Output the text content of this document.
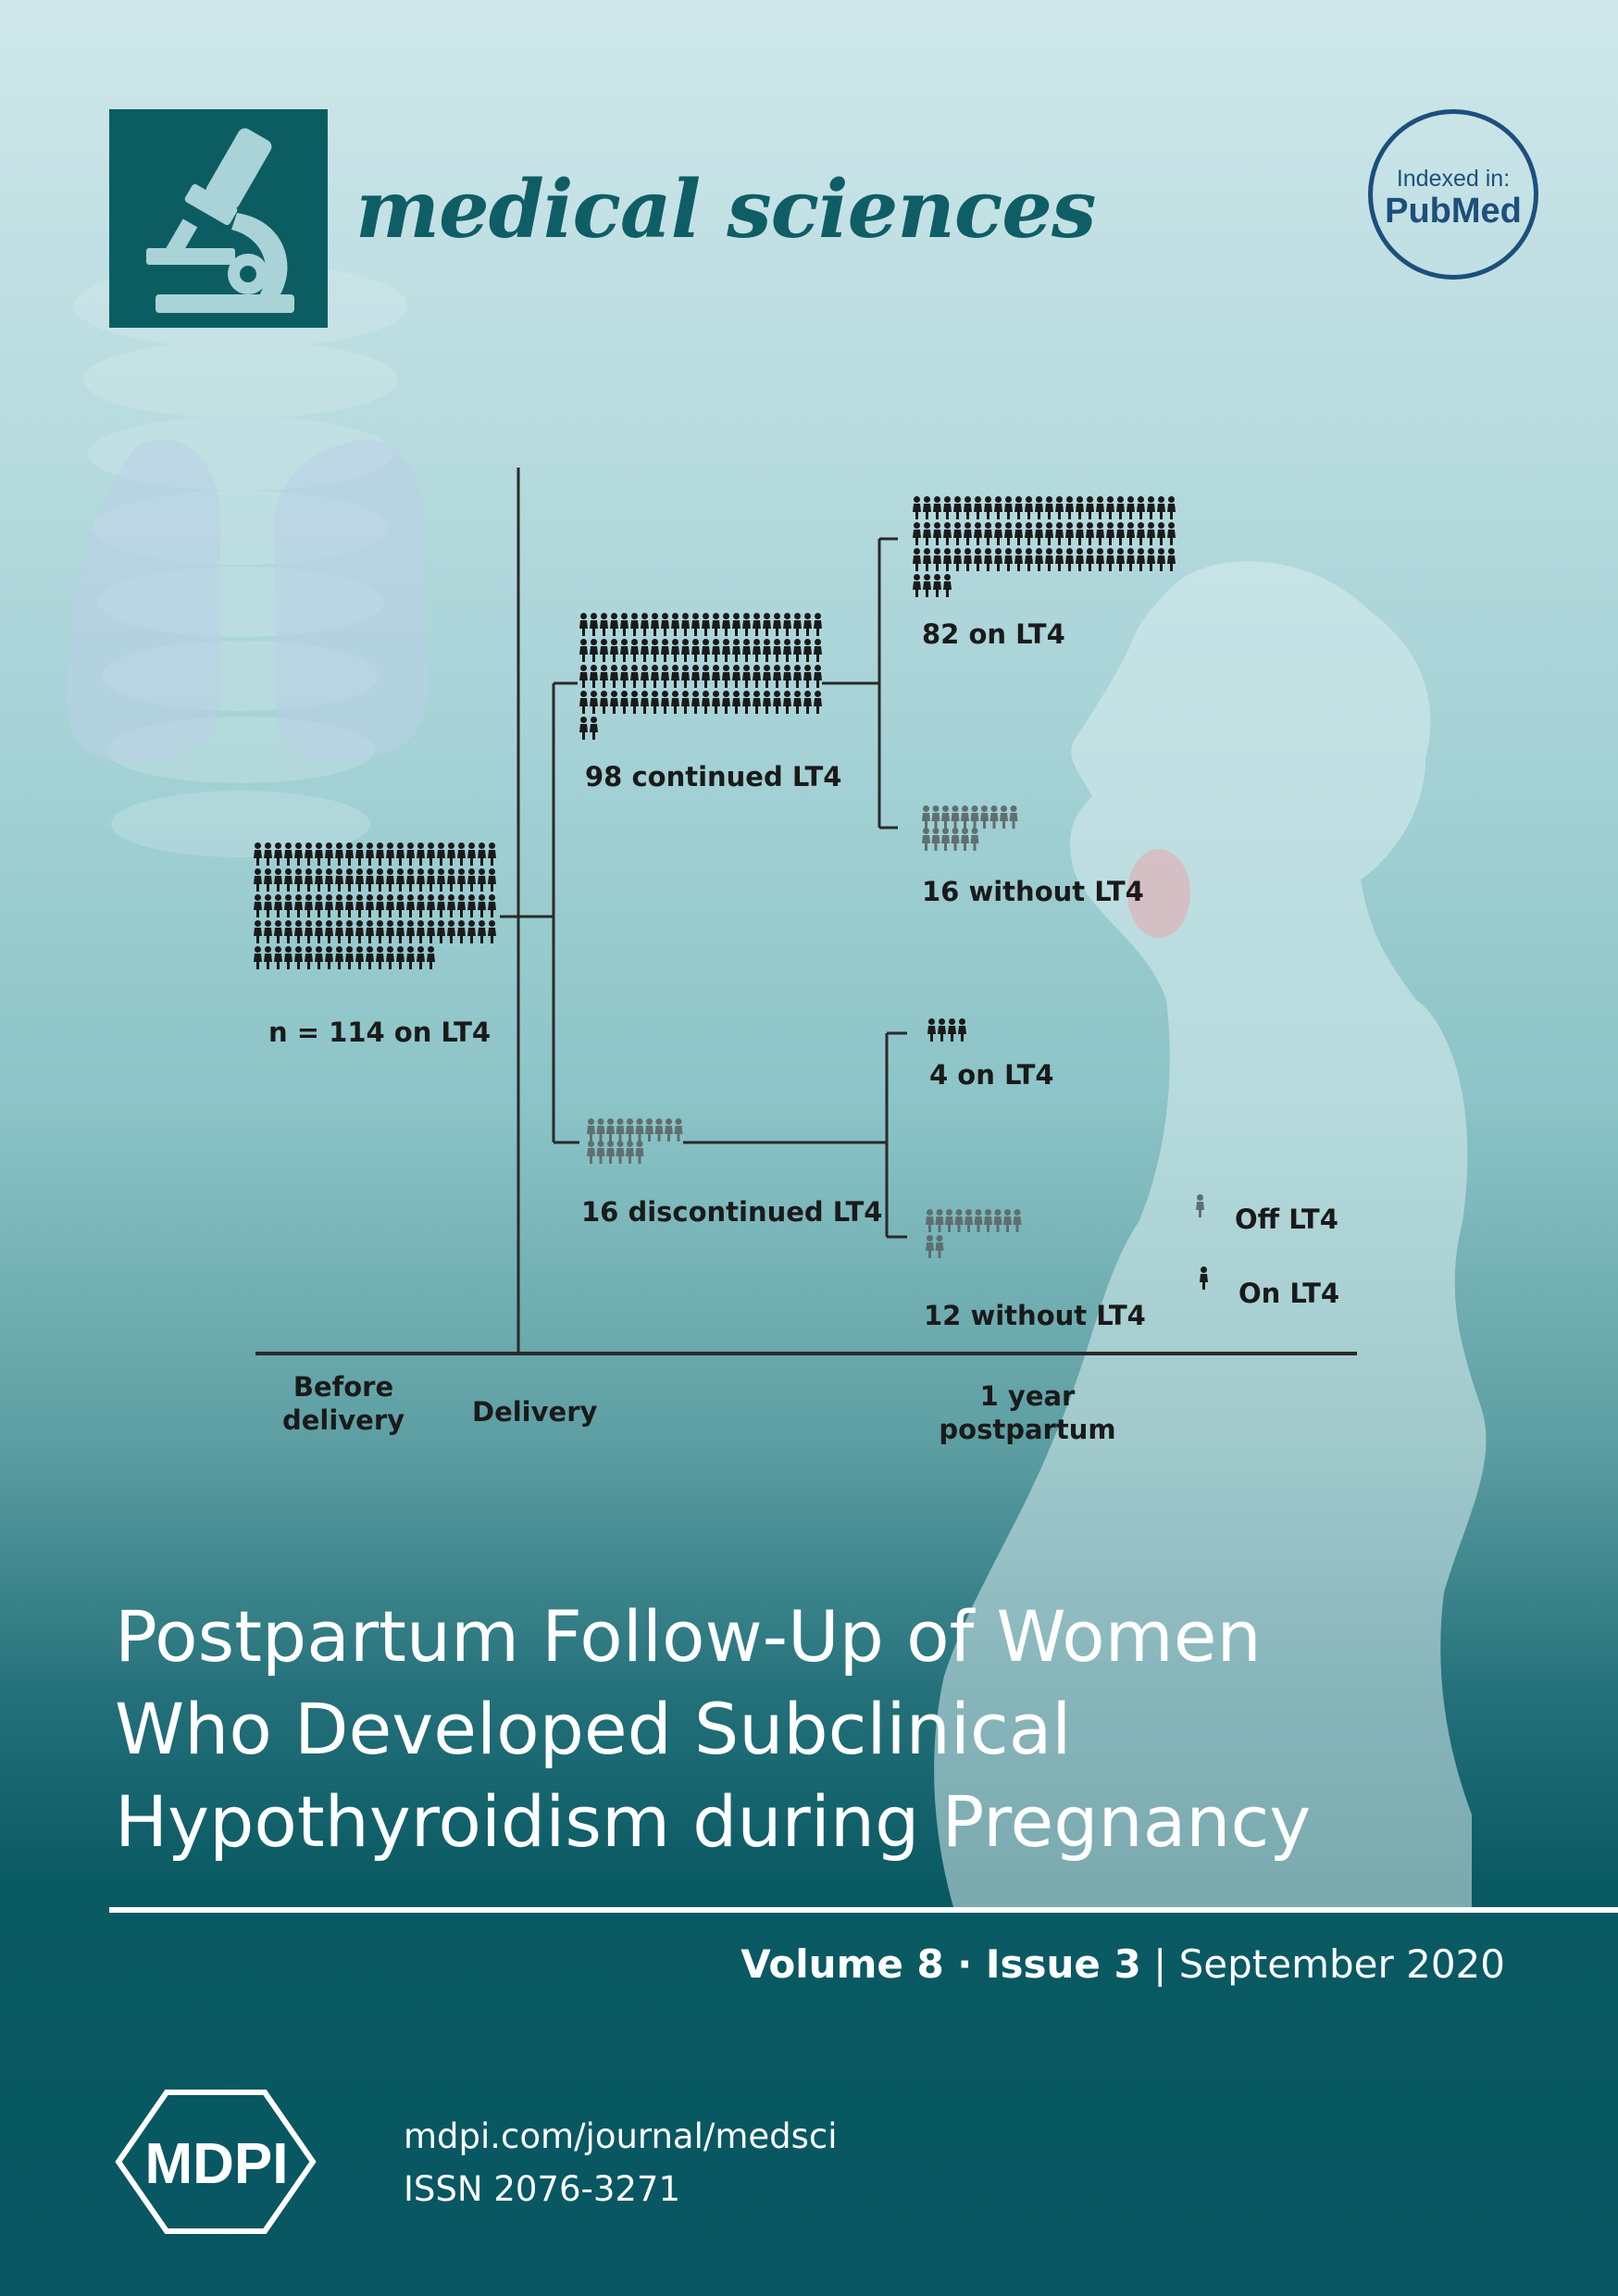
medical sciences	Indexed in:
PubMed
n = 114 on LT4
98 continued LT4
16 discontinued LT4
82 on LT4
16 without LT4
4 on LT4
12 without LT4
Off LT4
On LT4
Before
delivery	Delivery	1 year
postpartum
Postpartum Follow-Up of Women
Who Developed Subclinical
Hypothyroidism during Pregnancy
Volume 8 · Issue 3 | September 2020
MDPI	mdpi.com/journal/medsci
ISSN 2076-3271
